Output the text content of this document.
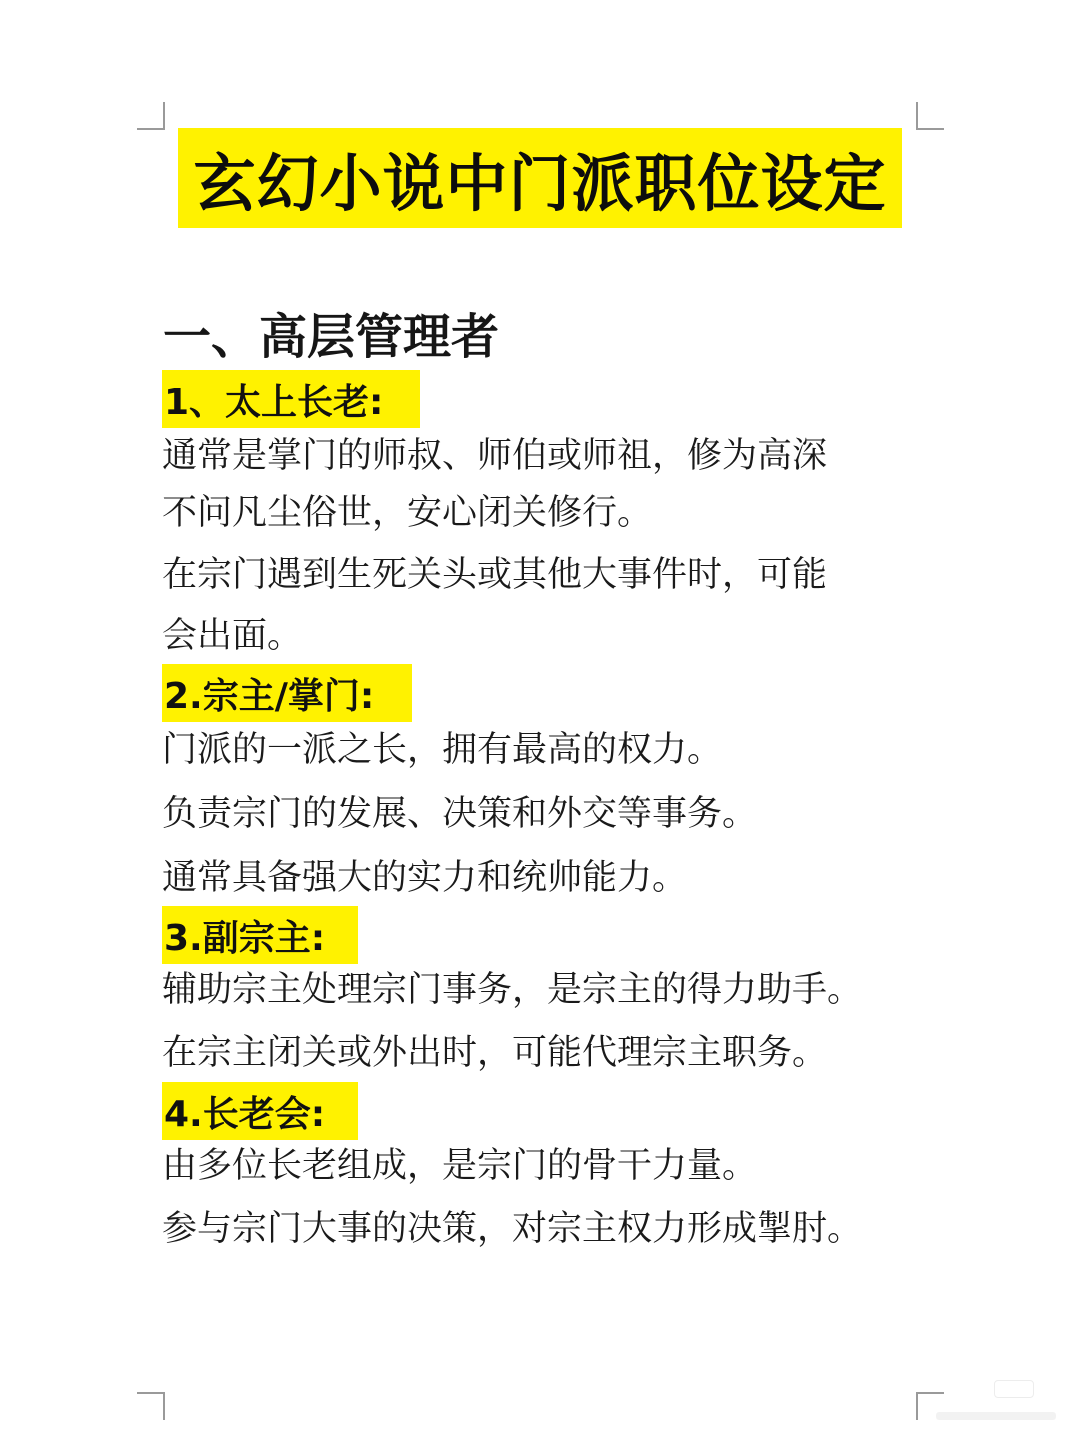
玄幻小说中门派职位设定
一、高层管理者
1、太上长老:
通常是掌门的师叔、师伯或师祖，修为高深
不问凡尘俗世，安心闭关修行。
在宗门遇到生死关头或其他大事件时，可能
会出面。
2.宗主/掌门:
门派的一派之长，拥有最高的权力。
负责宗门的发展、决策和外交等事务。
通常具备强大的实力和统帅能力。
3.副宗主:
辅助宗主处理宗门事务，是宗主的得力助手。
在宗主闭关或外出时，可能代理宗主职务。
4.长老会:
由多位长老组成，是宗门的骨干力量。
参与宗门大事的决策，对宗主权力形成掣肘。
